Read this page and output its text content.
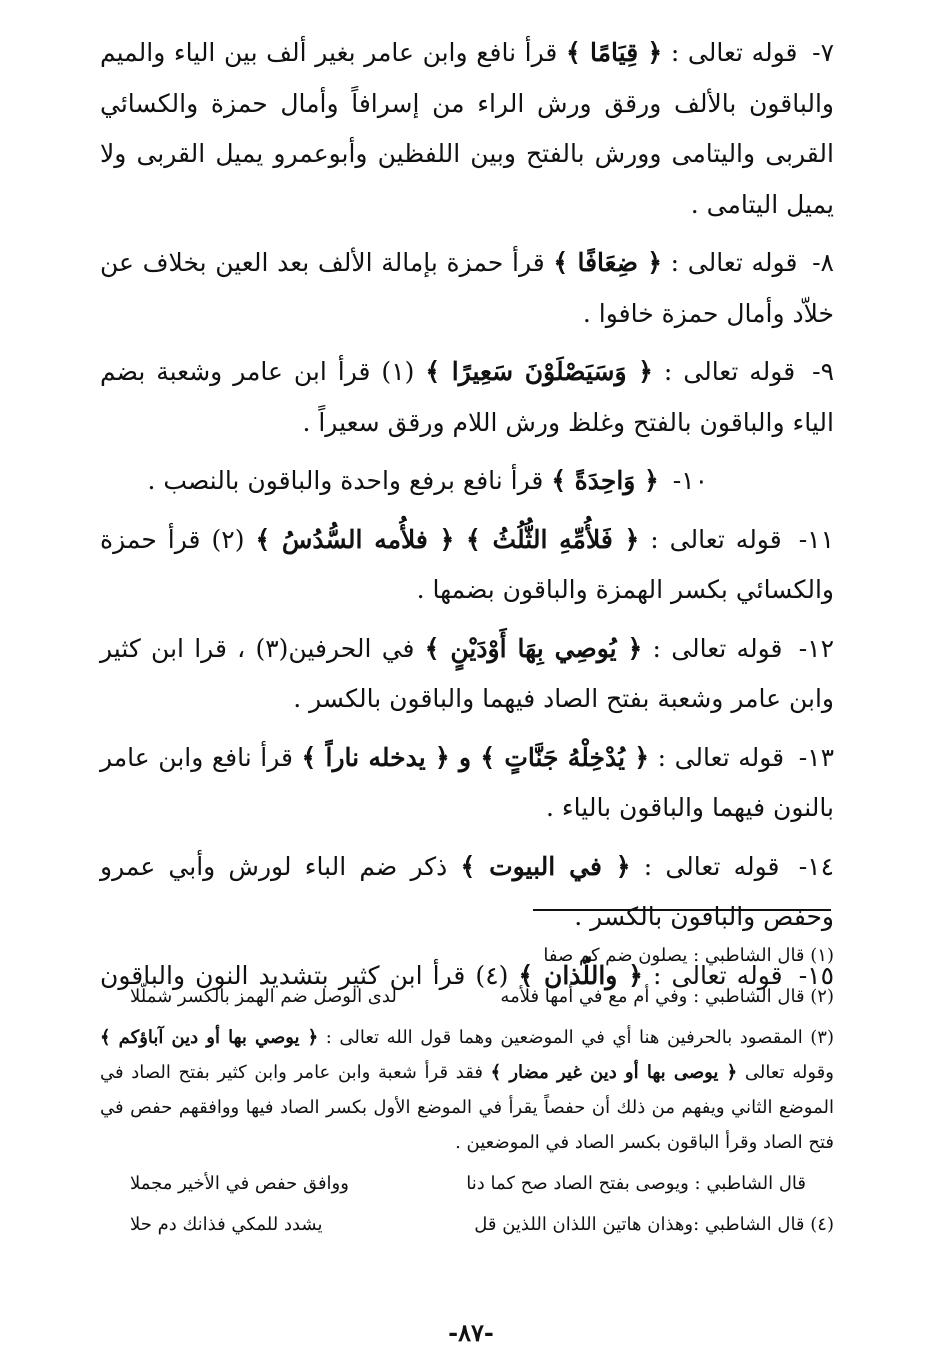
٧- قوله تعالى : ﴿ قِيَامًا ﴾ قرأ نافع وابن عامر بغير ألف بين الياء والميم والباقون بالألف ورقق ورش الراء من إسرافاً وأمال حمزة والكسائي القربى واليتامى وورش بالفتح وبين اللفظين وأبوعمرو يميل القربى ولا يميل اليتامى .

٨- قوله تعالى : ﴿ ضِعَافًا ﴾ قرأ حمزة بإمالة الألف بعد العين بخلاف عن خلاّد وأمال حمزة خافوا .

٩- قوله تعالى : ﴿ وَسَيَصْلَوْنَ سَعِيرًا ﴾ (١) قرأ ابن عامر وشعبة بضم الياء والباقون بالفتح وغلظ ورش اللام ورقق سعيراً .

١٠- ﴿ وَاحِدَةً ﴾ قرأ نافع برفع واحدة والباقون بالنصب .

١١- قوله تعالى : ﴿ فَلأُمِّهِ الثُّلُثُ ﴾ ﴿ فلأُمه السُّدُسُ ﴾ (٢) قرأ حمزة والكسائي بكسر الهمزة والباقون بضمها .

١٢- قوله تعالى : ﴿ يُوصِي بِهَا أَوْدَيْنٍ ﴾ في الحرفين(٣) ، قرا ابن كثير وابن عامر وشعبة بفتح الصاد فيهما والباقون بالكسر .

١٣- قوله تعالى : ﴿ يُدْخِلْهُ جَنَّاتٍ ﴾ و ﴿ يدخله ناراً ﴾ قرأ نافع وابن عامر بالنون فيهما والباقون بالياء .

١٤- قوله تعالى : ﴿ في البيوت ﴾ ذكر ضم الباء لورش وأبي عمرو وحفص والباقون بالكسر .

١٥- قوله تعالى : ﴿ واللّذان ﴾ (٤) قرأ ابن كثير بتشديد النون والباقون

(١) قال الشاطبي : يصلون ضم كم صفا

(٢) قال الشاطبي : وفي أم مع في أمها فلأمه
لدى الوصل ضم الهمز بالكسر شملّلا

(٣) المقصود بالحرفين هنا أي في الموضعين وهما قول الله تعالى : ﴿ يوصي بها أو دين آباؤكم ﴾ وقوله تعالى ﴿ يوصى بها أو دين غير مضار ﴾ فقد قرأ شعبة وابن عامر وابن كثير بفتح الصاد في الموضع الثاني ويفهم من ذلك أن حفصاً يقرأ في الموضع الأول بكسر الصاد فيها ووافقهم حفص في فتح الصاد وقرأ الباقون بكسر الصاد في الموضعين .

قال الشاطبي : ويوصى بفتح الصاد صح كما دنا
ووافق حفص في الأخير مجملا
(٤) قال الشاطبي :وهذان هاتين اللذان اللذين قل
يشدد للمكي فذانك دم حلا
-٨٧-
